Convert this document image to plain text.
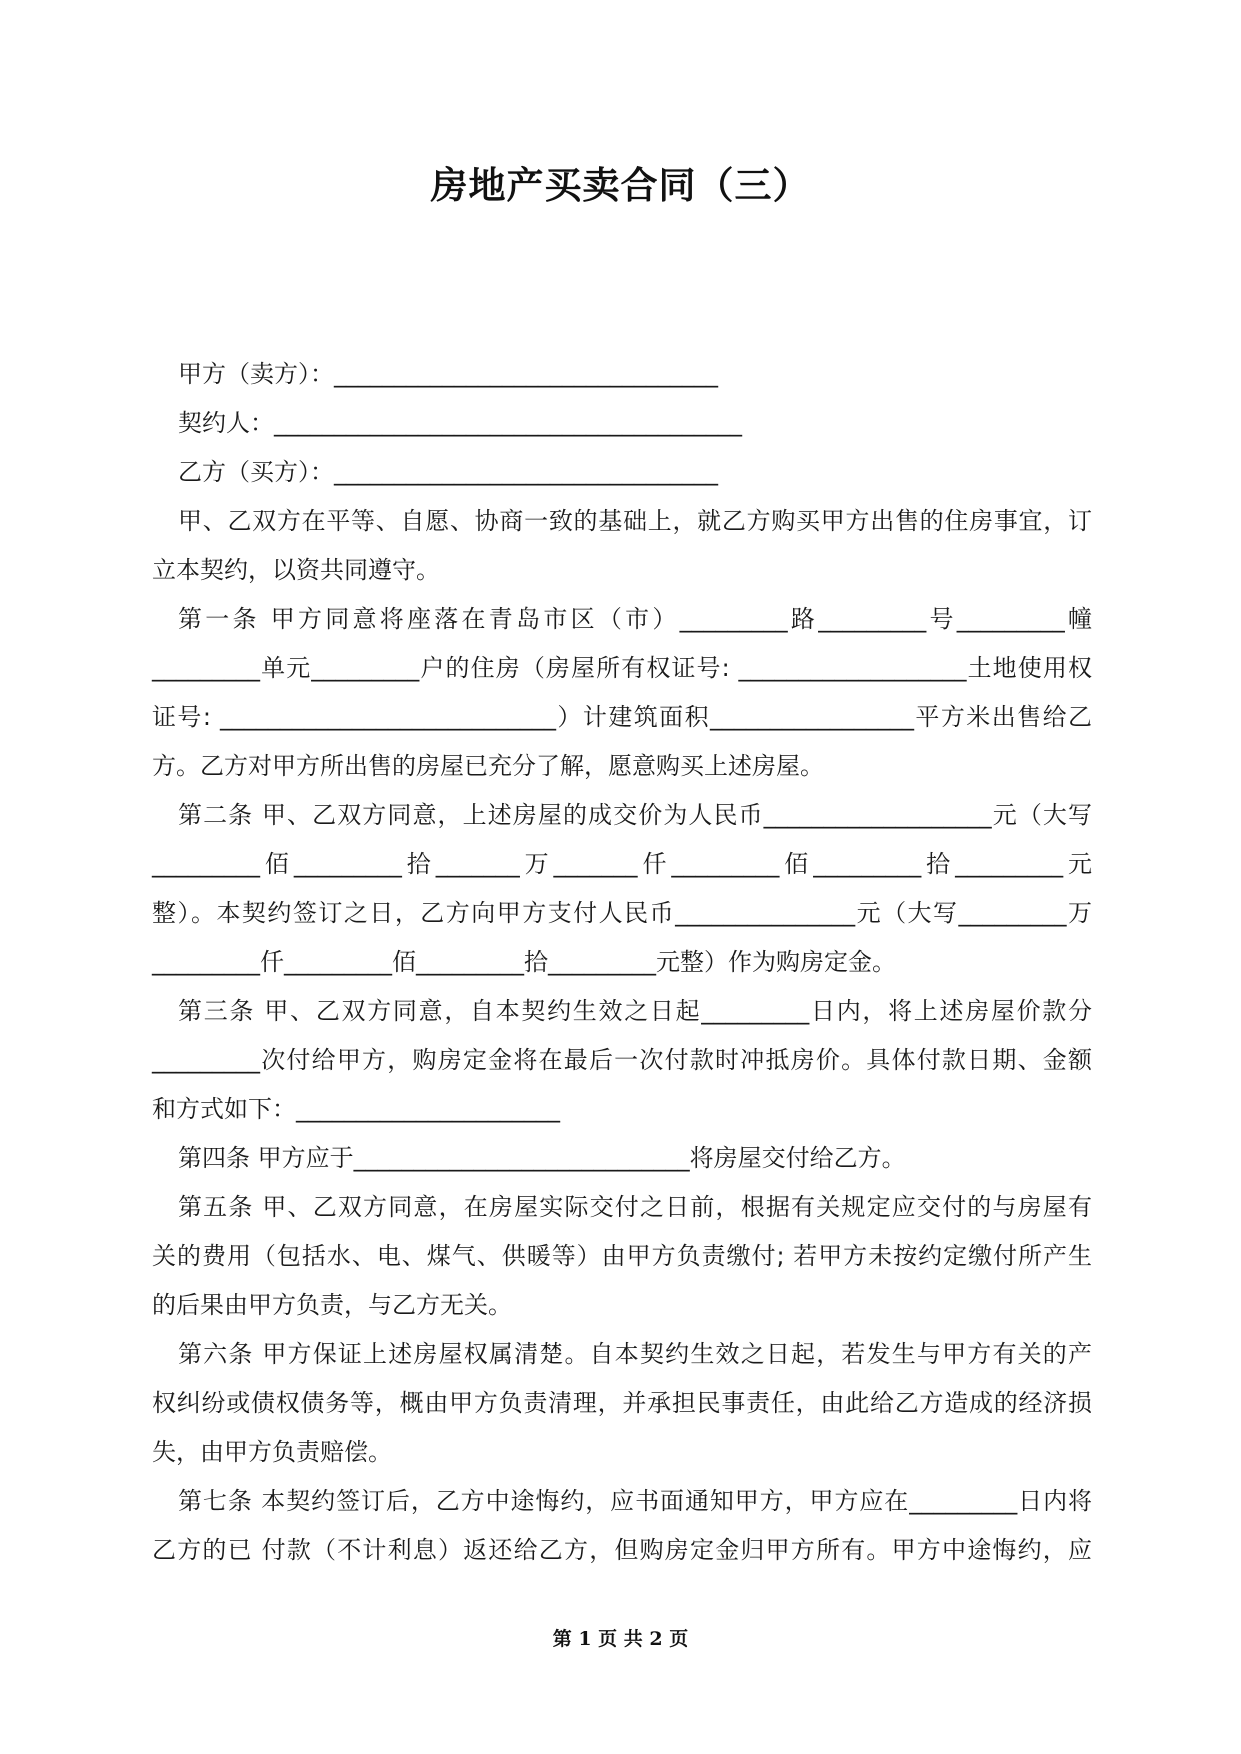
房地产买卖合同（三）
甲方（卖方）：________________________________
契约人：_______________________________________
乙方（买方）：________________________________
甲、乙双方在平等、自愿、协商一致的基础上，就乙方购买甲方出售的住房事宜，订
立本契约，以资共同遵守。
第一条 甲方同意将座落在青岛市区（市）_________路_________号_________幢
_________单元_________户的住房（房屋所有权证号: ___________________土地使用权
证号: ____________________________）计建筑面积_________________平方米出售给乙
方。乙方对甲方所出售的房屋已充分了解，愿意购买上述房屋。
第二条 甲、乙双方同意，上述房屋的成交价为人民币___________________元（大写
_________佰_________拾_______万_______仟_________佰_________拾_________元
整）。本契约签订之日，乙方向甲方支付人民币_______________元（大写_________万
_________仟_________佰_________拾_________元整）作为购房定金。
第三条 甲、乙双方同意，自本契约生效之日起_________日内，将上述房屋价款分
_________次付给甲方，购房定金将在最后一次付款时冲抵房价。具体付款日期、金额
和方式如下：______________________
第四条 甲方应于____________________________将房屋交付给乙方。
第五条 甲、乙双方同意，在房屋实际交付之日前，根据有关规定应交付的与房屋有
关的费用（包括水、电、煤气、供暖等）由甲方负责缴付; 若甲方未按约定缴付所产生
的后果由甲方负责，与乙方无关。
第六条 甲方保证上述房屋权属清楚。自本契约生效之日起，若发生与甲方有关的产
权纠纷或债权债务等，概由甲方负责清理，并承担民事责任，由此给乙方造成的经济损
失，由甲方负责赔偿。
第七条 本契约签订后，乙方中途悔约，应书面通知甲方，甲方应在_________日内将
乙方的已 付款（不计利息）返还给乙方，但购房定金归甲方所有。甲方中途悔约，应
第 1 页 共 2 页
